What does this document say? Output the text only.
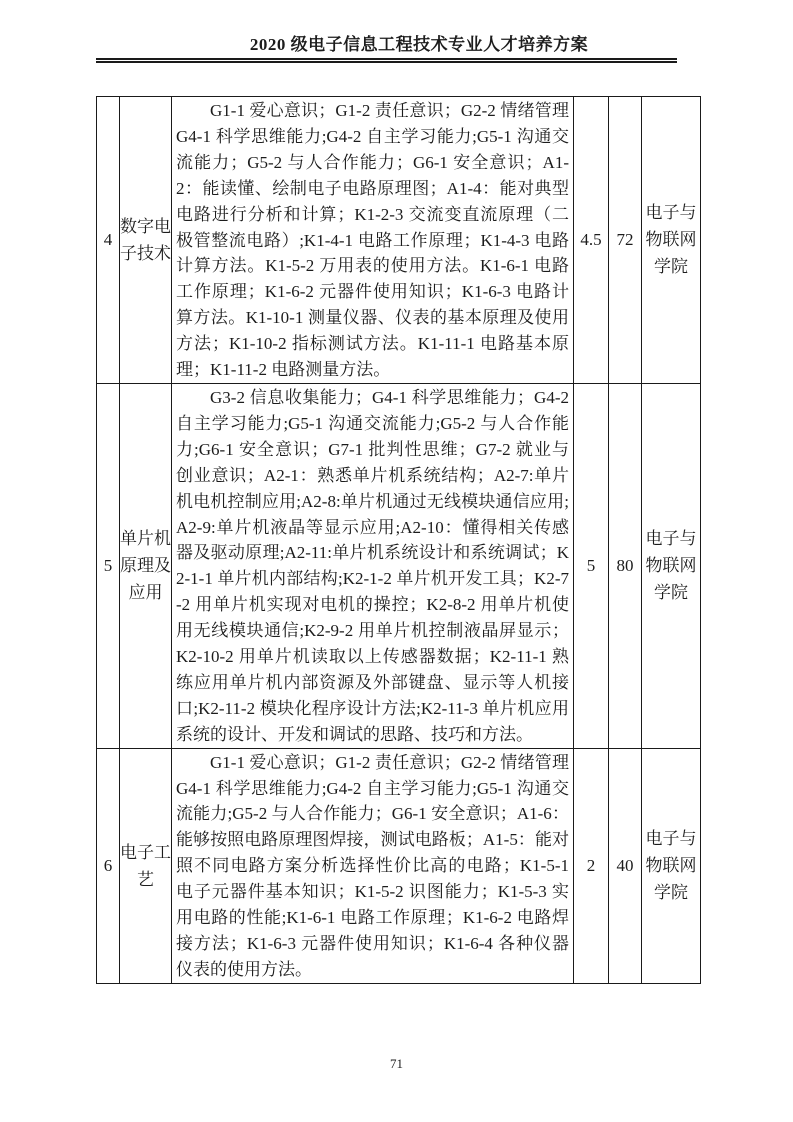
2020 级电子信息工程技术专业人才培养方案
4	数字电子技术	G1-1 爱心意识；G1-2 责任意识；G2-2 情绪管理 G4-1 科学思维能力;G4-2 自主学习能力;G5-1 沟通交流能力；G5-2 与人合作能力；G6-1 安全意识；A1-2：能读懂、绘制电子电路原理图；A1-4：能对典型电路进行分析和计算；K1-2-3 交流变直流原理（二极管整流电路）;K1-4-1 电路工作原理；K1-4-3 电路计算方法。K1-5-2 万用表的使用方法。K1-6-1 电路工作原理；K1-6-2 元器件使用知识；K1-6-3 电路计算方法。K1-10-1 测量仪器、仪表的基本原理及使用方法；K1-10-2 指标测试方法。K1-11-1 电路基本原理；K1-11-2 电路测量方法。	4.5	72	电子与物联网学院
5	单片机原理及应用	G3-2 信息收集能力；G4-1 科学思维能力；G4-2 自主学习能力;G5-1 沟通交流能力;G5-2 与人合作能力;G6-1 安全意识；G7-1 批判性思维；G7-2 就业与创业意识；A2-1：熟悉单片机系统结构；A2-7:单片机电机控制应用;A2-8:单片机通过无线模块通信应用;A2-9:单片机液晶等显示应用;A2-10：懂得相关传感器及驱动原理;A2-11:单片机系统设计和系统调试；K2-1-1 单片机内部结构;K2-1-2 单片机开发工具；K2-7-2 用单片机实现对电机的操控；K2-8-2 用单片机使用无线模块通信;K2-9-2 用单片机控制液晶屏显示；K2-10-2 用单片机读取以上传感器数据；K2-11-1 熟练应用单片机内部资源及外部键盘、显示等人机接口;K2-11-2 模块化程序设计方法;K2-11-3 单片机应用系统的设计、开发和调试的思路、技巧和方法。	5	80	电子与物联网学院
6	电子工艺	G1-1 爱心意识；G1-2 责任意识；G2-2 情绪管理 G4-1 科学思维能力;G4-2 自主学习能力;G5-1 沟通交流能力;G5-2 与人合作能力；G6-1 安全意识；A1-6：能够按照电路原理图焊接，测试电路板；A1-5：能对照不同电路方案分析选择性价比高的电路；K1-5-1 电子元器件基本知识；K1-5-2 识图能力；K1-5-3 实用电路的性能;K1-6-1 电路工作原理；K1-6-2 电路焊接方法；K1-6-3 元器件使用知识；K1-6-4 各种仪器仪表的使用方法。	2	40	电子与物联网学院
71
